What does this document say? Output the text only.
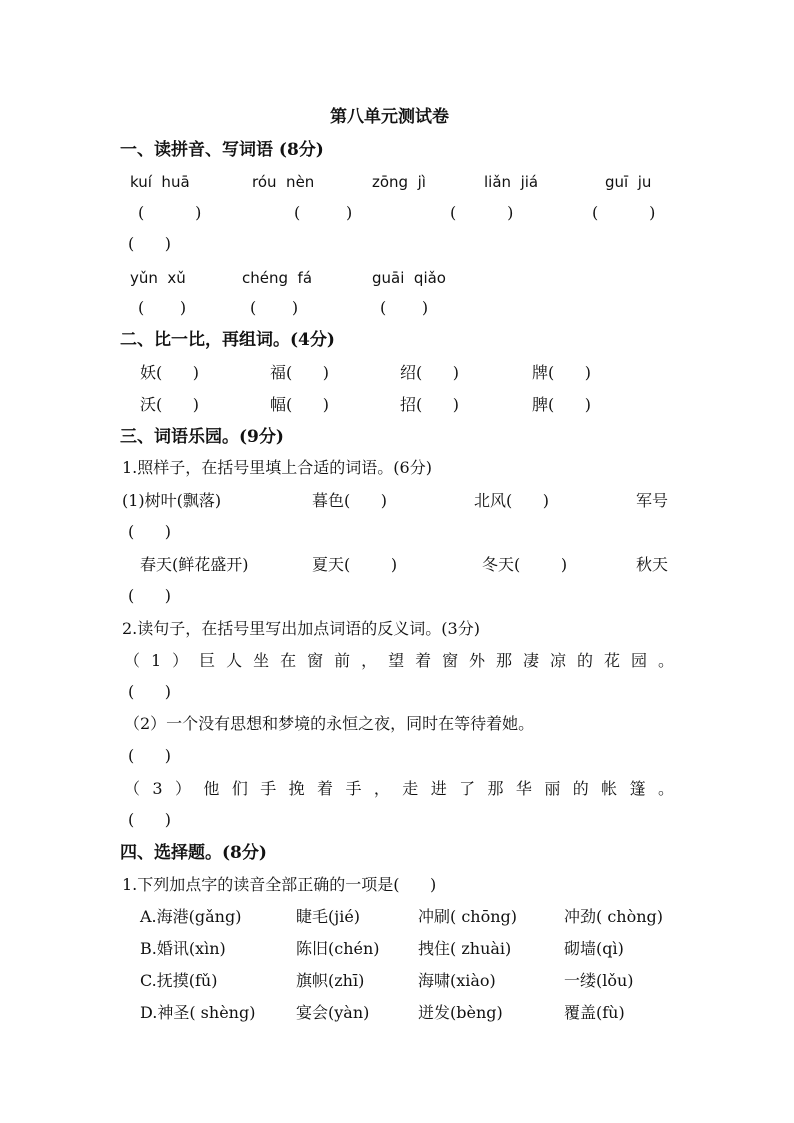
第八单元测试卷
一、读拼音、写词语 (8分)
kuí  huā	róu  nèn	zōng  jì	liǎn  jiá	guī  ju
(          )	(         )	(          )	(          )
(      )
yǔn  xǔ	chéng  fá	guāi  qiǎo
(       )	(       )	(       )
二、比一比，再组词。(4分)
妖(      )	福(      )	绍(      )	牌(      )
沃(      )	幅(      )	招(      )	脾(      )
三、词语乐园。(9分)
1.照样子，在括号里填上合适的词语。(6分)
(1)树叶(飘落)	暮色(      )	北风(      )	军号
(      )
春天(鲜花盛开)	夏天(        )	冬天(        )	秋天
(      )
2.读句子，在括号里写出加点词语的反义词。(3分)
（1）巨人坐在窗前，望着窗外那凄凉的花园。
(      )
（2）一个没有思想和梦境的永恒之夜，同时在等待着她。
(      )
（3）他们手挽着手，走进了那华丽的帐篷。
(      )
四、选择题。(8分)
1.下列加点字的读音全部正确的一项是(      )
A.海港(gǎng)	睫毛(jié)	冲刷( chōng)	冲劲( chòng)
B.婚讯(xìn)	陈旧(chén) 拽住( zhuài)	砌墙(qì)
C.抚摸(fǔ)	旗帜(zhī)	海啸(xiào)	一缕(lǒu)
D.神圣( shèng)	宴会(yàn)	迸发(bèng)	覆盖(fù)
